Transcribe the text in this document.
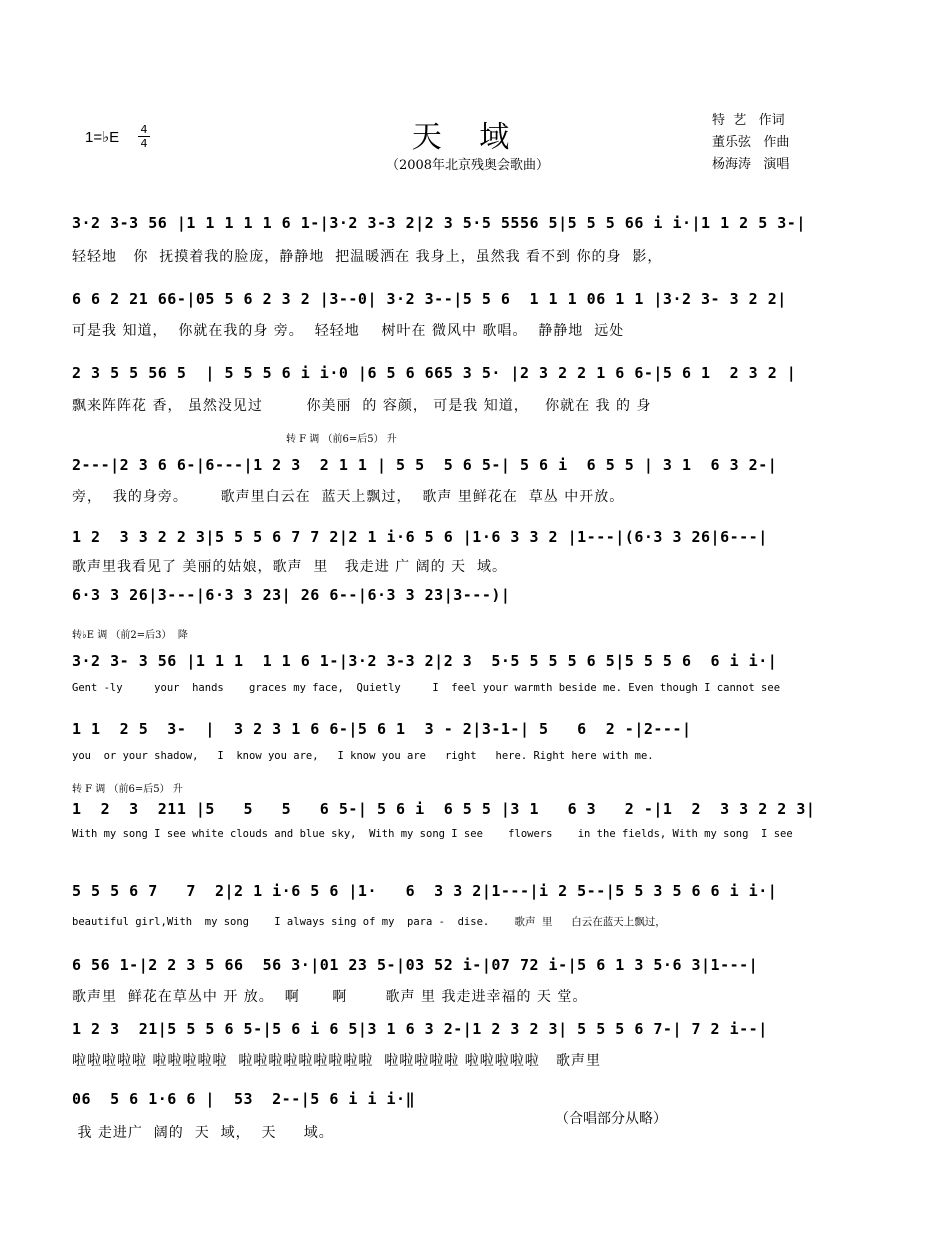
1=♭E 4
4	天 域
（2008年北京残奥会歌曲）
特  艺   作词
董乐弦   作曲
杨海涛   演唱
3·2 3-3 56 |1 1 1 1 1 6 1-|3·2 3-3 2|2 3 5·5 5556 5|5 5 5 66 i i·|1 1 2 5 3-|
轻轻地   你  抚摸着我的脸庞，静静地  把温暖洒在 我身上，虽然我 看不到 你的身  影，
6 6 2 21 66-|05 5 6 2 3 2 |3--0| 3·2 3--|5 5 6  1 1 1 06 1 1 |3·2 3- 3 2 2|
可是我 知道，  你就在我的身 旁。  轻轻地    树叶在 微风中 歌唱。  静静地  远处
2 3 5 5 56 5  | 5 5 5 6 i i·0 |6 5 6 665 3 5· |2 3 2 2 1 6 6-|5 6 1  2 3 2 |
飘来阵阵花 香， 虽然没见过        你美丽  的 容颜， 可是我 知道，   你就在 我 的 身
转 F 调 （前6=后5） 升
2---|2 3 6 6-|6---|1 2 3  2 1 1 | 5 5  5 6 5-| 5 6 i  6 5 5 | 3 1  6 3 2-|
旁，  我的身旁。      歌声里白云在  蓝天上飘过，  歌声 里鲜花在  草丛 中开放。
1 2  3 3 2 2 3|5 5 5 6 7 7 2|2 1 i·6 5 6 |1·6 3 3 2 |1---|(6·3 3 26|6---|
歌声里我看见了 美丽的姑娘，歌声  里   我走进 广 阔的 天  域。
6·3 3 26|3---|6·3 3 23| 26 6--|6·3 3 23|3---)|
转♭E 调 （前2=后3）  降
3·2 3- 3 56 |1 1 1  1 1 6 1-|3·2 3-3 2|2 3  5·5 5 5 5 6 5|5 5 5 6  6 i i·|
Gent -ly     your  hands    graces my face,  Quietly     I  feel your warmth beside me. Even though I cannot see
1 1  2 5  3-  |  3 2 3 1 6 6-|5 6 1  3 - 2|3-1-| 5   6  2 -|2---|
you  or your shadow,   I  know you are,   I know you are   right   here. Right here with me.
转 F 调 （前6=后5） 升
1  2  3  211 |5   5   5   6 5-| 5 6 i  6 5 5 |3 1   6 3   2 -|1  2  3 3 2 2 3|
With my song I see white clouds and blue sky,  With my song I see    flowers    in the fields, With my song  I see
5 5 5 6 7   7  2|2 1 i·6 5 6 |1·   6  3 3 2|1---|i 2 5--|5 5 3 5 6 6 i i·|
beautiful girl,With  my song    I always sing of my  para -  dise.    歌声 里   白云在蓝天上飘过，
6 56 1-|2 2 3 5 66  56 3·|01 23 5-|03 52 i-|07 72 i-|5 6 1 3 5·6 3|1---|
歌声里  鲜花在草丛中 开 放。  啊      啊       歌声 里 我走进幸福的 天 堂。
1 2 3  21|5 5 5 6 5-|5 6 i 6 5|3 1 6 3 2-|1 2 3 2 3| 5 5 5 6 7-| 7 2 i--|
啦啦啦啦啦 啦啦啦啦啦  啦啦啦啦啦啦啦啦啦  啦啦啦啦啦 啦啦啦啦啦   歌声里
06  5 6 1·6 6 |  53  2--|5 6 i i i·‖
我 走进广  阔的  天  域，  天     域。
（合唱部分从略）
